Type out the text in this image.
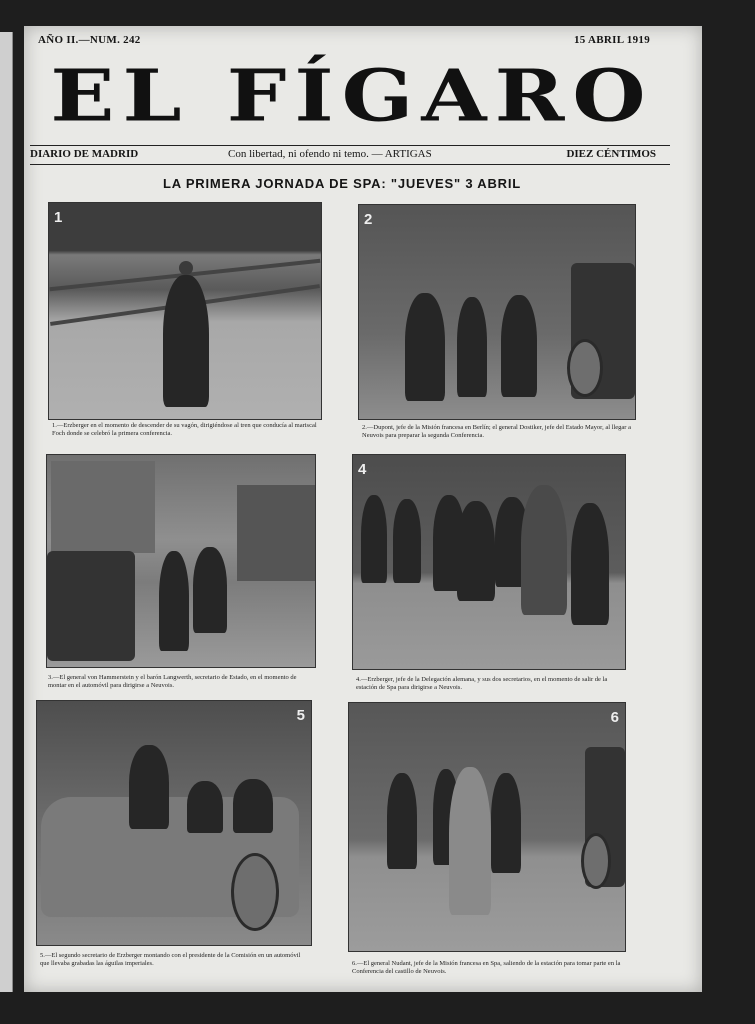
AÑO II.—NUM. 242	15 ABRIL 1919
EL FÍGARO
DIARIO DE MADRID	Con libertad, ni ofendo ni temo. — ARTIGAS	DIEZ CÉNTIMOS
LA PRIMERA JORNADA DE SPA: "JUEVES" 3 ABRIL
1
1.—Erzberger en el momento de descender de su vagón, dirigiéndose al tren que conducía al mariscal Foch donde se celebró la primera conferencia.
2
2.—Dupont, jefe de la Misión francesa en Berlín; el general Dostiker, jefe del Estado Mayor, al llegar a Neuvois para preparar la segunda Conferencia.
3.—El general von Hammerstein y el barón Langwerth, secretario de Estado, en el momento de montar en el automóvil para dirigirse a Neuvois.
4
4.—Erzberger, jefe de la Delegación alemana, y sus dos secretarios, en el momento de salir de la estación de Spa para dirigirse a Neuvois.
5
5.—El segundo secretario de Erzberger montando con el presidente de la Comisión en un automóvil que llevaba grabadas las águilas imperiales.
6
6.—El general Nudant, jefe de la Misión francesa en Spa, saliendo de la estación para tomar parte en la Conferencia del castillo de Neuvois.
